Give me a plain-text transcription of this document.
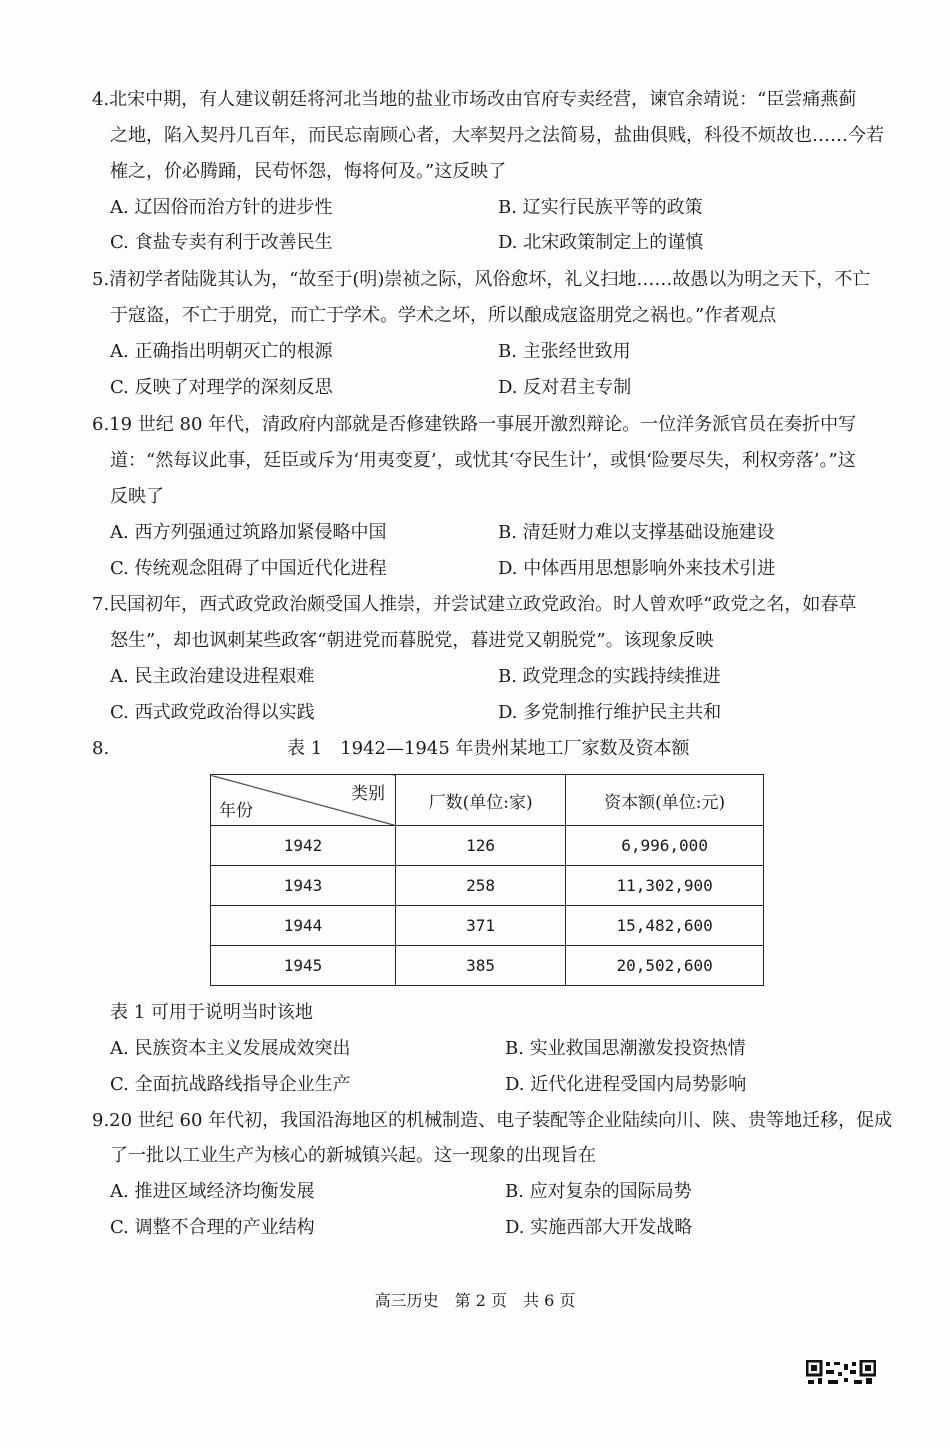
4.北宋中期，有人建议朝廷将河北当地的盐业市场改由官府专卖经营，谏官余靖说：“臣尝痛燕蓟
之地，陷入契丹几百年，而民忘南顾心者，大率契丹之法简易，盐曲俱贱，科役不烦故也……今若
榷之，价必腾踊，民苟怀怨，悔将何及。”这反映了
A. 辽因俗而治方针的进步性	B. 辽实行民族平等的政策
C. 食盐专卖有利于改善民生	D. 北宋政策制定上的谨慎
5.清初学者陆陇其认为，“故至于(明)崇祯之际，风俗愈坏，礼义扫地……故愚以为明之天下，不亡
于寇盗，不亡于朋党，而亡于学术。学术之坏，所以酿成寇盗朋党之祸也。”作者观点
A. 正确指出明朝灭亡的根源	B. 主张经世致用
C. 反映了对理学的深刻反思	D. 反对君主专制
6.19 世纪 80 年代，清政府内部就是否修建铁路一事展开激烈辩论。一位洋务派官员在奏折中写
道：“然每议此事，廷臣或斥为‘用夷变夏’，或忧其‘夺民生计’，或惧‘险要尽失，利权旁落’。”这
反映了
A. 西方列强通过筑路加紧侵略中国	B. 清廷财力难以支撑基础设施建设
C. 传统观念阻碍了中国近代化进程	D. 中体西用思想影响外来技术引进
7.民国初年，西式政党政治颇受国人推崇，并尝试建立政党政治。时人曾欢呼“政党之名，如春草
怒生”，却也讽刺某些政客“朝进党而暮脱党，暮进党又朝脱党”。该现象反映
A. 民主政治建设进程艰难	B. 政党理念的实践持续推进
C. 西式政党政治得以实践	D. 多党制推行维护民主共和
8.	表 1　1942—1945 年贵州某地工厂家数及资本额
类别
年份	厂数(单位:家)	资本额(单位:元)
1942	126	6,996,000
1943	258	11,302,900
1944	371	15,482,600
1945	385	20,502,600
表 1 可用于说明当时该地
A. 民族资本主义发展成效突出	B. 实业救国思潮激发投资热情
C. 全面抗战路线指导企业生产	D. 近代化进程受国内局势影响
9.20 世纪 60 年代初，我国沿海地区的机械制造、电子装配等企业陆续向川、陕、贵等地迁移，促成
了一批以工业生产为核心的新城镇兴起。这一现象的出现旨在
A. 推进区域经济均衡发展	B. 应对复杂的国际局势
C. 调整不合理的产业结构	D. 实施西部大开发战略
高三历史　第 2 页　共 6 页
